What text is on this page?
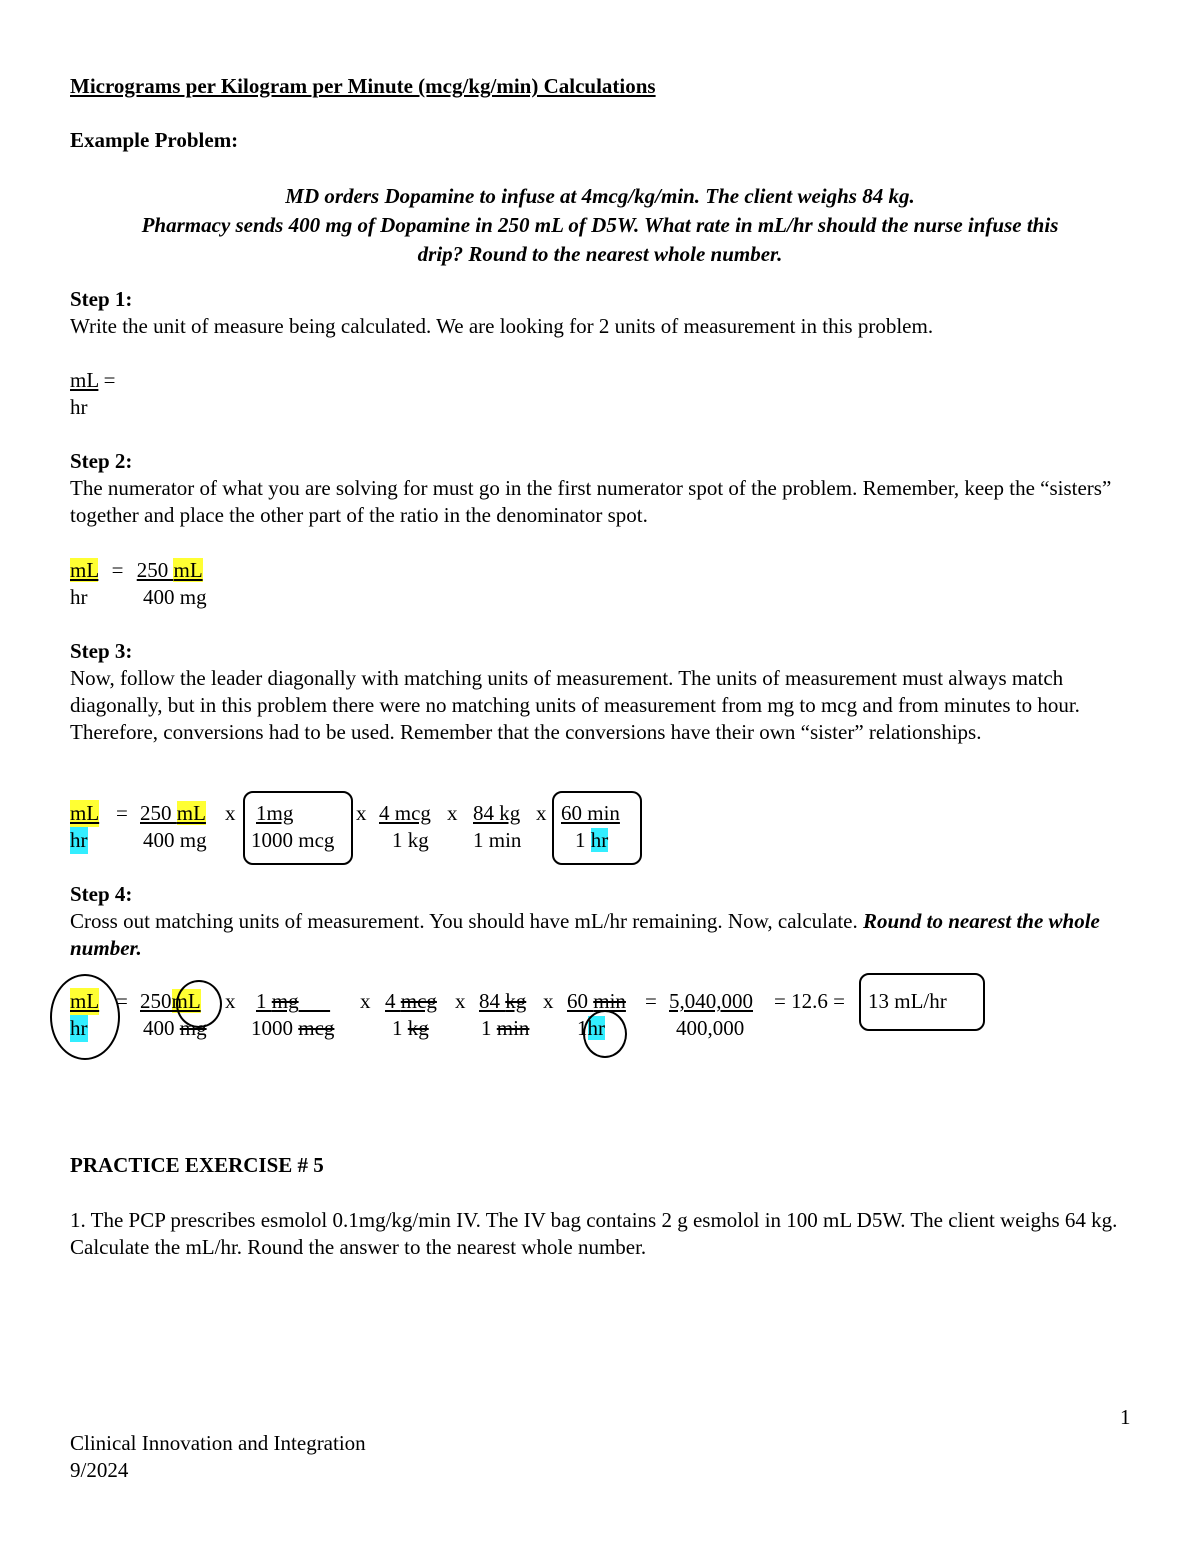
Micrograms per Kilogram per Minute (mcg/kg/min) Calculations
Example Problem:
MD orders Dopamine to infuse at 4mcg/kg/min. The client weighs 84 kg.
Pharmacy sends 400 mg of Dopamine in 250 mL of D5W. What rate in mL/hr should the nurse infuse this
drip? Round to the nearest whole number.
Step 1:
Write the unit of measure being calculated. We are looking for 2 units of measurement in this problem.
mL =
hr
Step 2:
The numerator of what you are solving for must go in the first numerator spot of the problem. Remember, keep the “sisters” together and place the other part of the ratio in the denominator spot.
mL = 250 mL
hr	400 mg
Step 3:
Now, follow the leader diagonally with matching units of measurement. The units of measurement must always match diagonally, but in this problem there were no matching units of measurement from mg to mcg and from minutes to hour. Therefore, conversions had to be used. Remember that the conversions have their own “sister” relationships.
mL
hr
= 250 mL
400 mg
x 1mg
1000 mcg
x 4 mcg
1 kg
x 84 kg
1 min
x 60 min
1 hr
Step 4:
Cross out matching units of measurement. You should have mL/hr remaining. Now, calculate. Round to nearest the whole number.
mL
hr
= 250mL
400 mg
x 1 mg
1000 mcg
x 4 mcg
1 kg
x 84 kg
1 min
x 60 min
1hr
= 5,040,000
400,000
= 12.6 = 13 mL/hr
PRACTICE EXERCISE # 5
1. The PCP prescribes esmolol 0.1mg/kg/min IV. The IV bag contains 2 g esmolol in 100 mL D5W. The client weighs 64 kg. Calculate the mL/hr. Round the answer to the nearest whole number.
1
Clinical Innovation and Integration
9/2024
